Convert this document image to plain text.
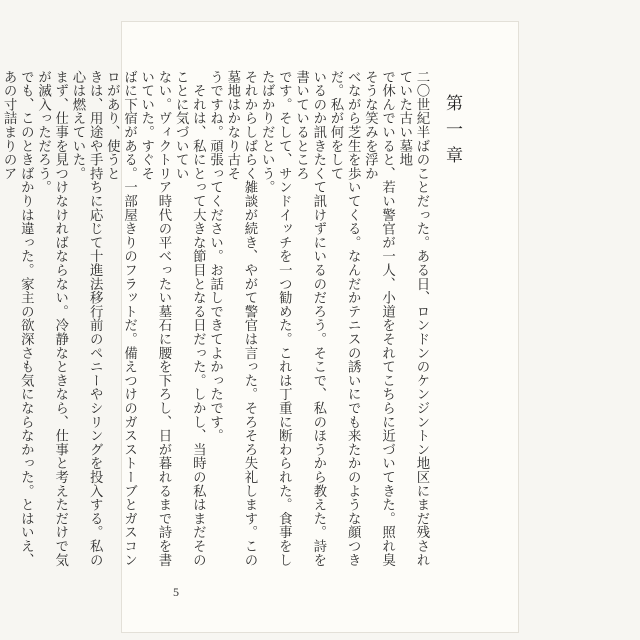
第一章
二〇世紀半ばのことだった。ある日、ロンドンのケンジントン地区にまだ残されていた古い墓地
で休んでいると、若い警官が一人、小道をそれてこちらに近づいてきた。照れ臭そうな笑みを浮か
べながら芝生を歩いてくる。なんだかテニスの誘いにでも来たかのような顔つきだ。私が何をして
いるのか訊きたくて訊けずにいるのだろう。そこで、私のほうから教えた。詩を書いているところ
です。そして、サンドイッチを一つ勧めた。これは丁重に断わられた。食事をしたばかりだという。
それからしばらく雑談が続き、やがて警官は言った。そろそろ失礼します。この墓地はかなり古そ
うですね。頑張ってください。お話しできてよかったです。
　それは、私にとって大きな節目となる日だった。しかし、当時の私はまだそのことに気づいてい
ない。ヴィクトリア時代の平べったい墓石に腰を下ろし、日が暮れるまで詩を書いていた。すぐそ
ばに下宿がある。一部屋きりのフラットだ。備えつけのガスストーブとガスコンロがあり、使うと
きは、用途や手持ちに応じて十進法移行前のペニーやシリングを投入する。私の心は燃えていた。
まず、仕事を見つけなければならない。冷静なときなら、仕事と考えただけで気が滅入っただろう。
でも、このときばかりは違った。家主の欲深さも気にならなかった。とはいえ、あの寸詰まりのア
5
